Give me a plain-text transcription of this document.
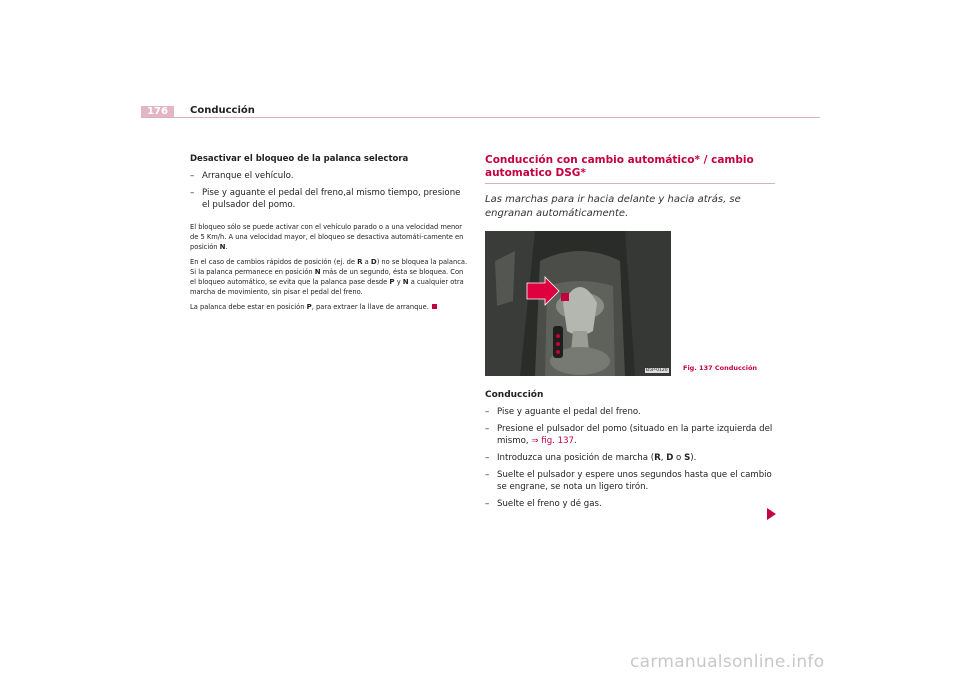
176	Conducción

Desactivar el bloqueo de la palanca selectora

– Arranque el vehículo.

– Pise y aguante el pedal del freno,al mismo tiempo, presione el pulsador del pomo.

El bloqueo sólo se puede activar con el vehículo parado o a una velocidad menor de 5 Km/h. A una velocidad mayor, el bloqueo se desactiva automáti-camente en posición N.

En el caso de cambios rápidos de posición (ej. de R a D) no se bloquea la palanca. Si la palanca permanece en posición N más de un segundo, ésta se bloquea. Con el bloqueo automático, se evita que la palanca pase desde P y N a cualquier otra marcha de movimiento, sin pisar el pedal del freno.

La palanca debe estar en posición P, para extraer la llave de arranque.

Conducción con cambio automático* / cambio automatico DSG*

Las marchas para ir hacia delante y hacia atrás, se engranan automáticamente.

B5P-0120

Conducción

– Pise y aguante el pedal del freno.

– Presione el pulsador del pomo (situado en la parte izquierda del mismo, ⇒ fig. 137.

– Introduzca una posición de marcha (R, D o S).

– Suelte el pulsador y espere unos segundos hasta que el cambio se engrane, se nota un ligero tirón.

– Suelte el freno y dé gas.

Fig. 137 Conducción
carmanualsonline.info
